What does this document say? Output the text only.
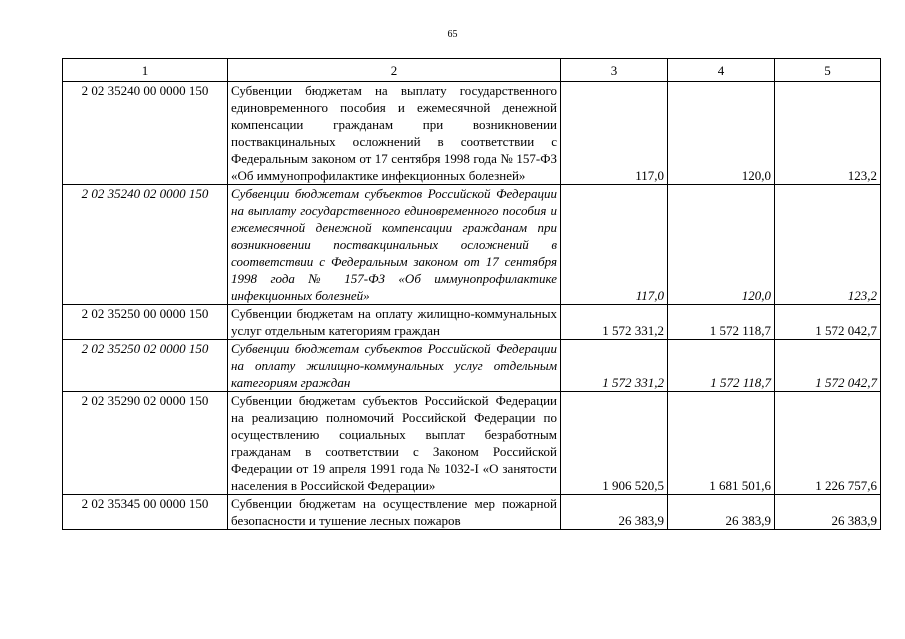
65
1	2	3	4	5
2 02 35240 00 0000 150	Субвенции бюджетам на выплату государственного единовременного пособия и ежемесячной денежной компенсации гражданам при возникновении поствакцинальных осложнений в соответствии с Федеральным законом от 17 сентября 1998 года № 157-ФЗ «Об иммунопрофилактике инфекционных болезней»	117,0	120,0	123,2
2 02 35240 02 0000 150	Субвенции бюджетам субъектов Российской Федерации на выплату государственного единовременного пособия и ежемесячной денежной компенсации гражданам при возникновении поствакцинальных осложнений в соответствии с Федеральным законом от 17 сентября 1998 года № 157-ФЗ «Об иммунопрофилактике инфекционных болезней»	117,0	120,0	123,2
2 02 35250 00 0000 150	Субвенции бюджетам на оплату жилищно-коммунальных услуг отдельным категориям граждан	1 572 331,2	1 572 118,7	1 572 042,7
2 02 35250 02 0000 150	Субвенции бюджетам субъектов Российской Федерации на оплату жилищно-коммунальных услуг отдельным категориям граждан	1 572 331,2	1 572 118,7	1 572 042,7
2 02 35290 02 0000 150	Субвенции бюджетам субъектов Российской Федерации на реализацию полномочий Российской Федерации по осуществлению социальных выплат безработным гражданам в соответствии с Законом Российской Федерации от 19 апреля 1991 года № 1032-I «О занятости населения в Российской Федерации»	1 906 520,5	1 681 501,6	1 226 757,6
2 02 35345 00 0000 150	Субвенции бюджетам на осуществление мер пожарной безопасности и тушение лесных пожаров	26 383,9	26 383,9	26 383,9
